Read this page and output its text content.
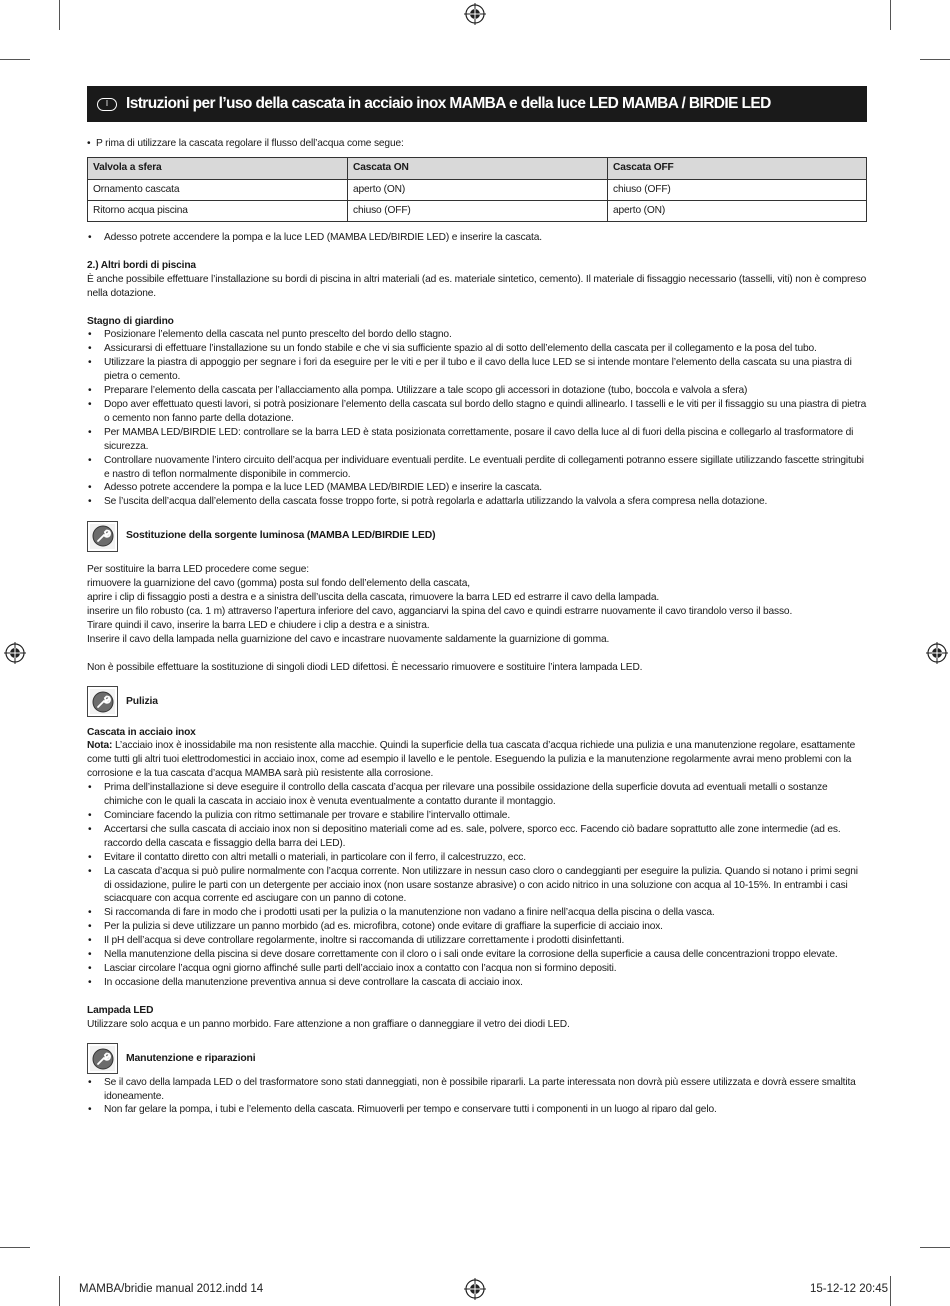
I	Istruzioni per l’uso della cascata in acciaio inox MAMBA e della luce LED MAMBA / BIRDIE LED
• P rima di utilizzare la cascata regolare il flusso dell’acqua come segue:
Valvola a sfera	Cascata ON	Cascata OFF
Ornamento cascata	aperto (ON)	chiuso (OFF)
Ritorno acqua piscina	chiuso (OFF)	aperto (ON)
• Adesso potrete accendere la pompa e la luce LED (MAMBA LED/BIRDIE LED) e inserire la cascata.

2.) Altri bordi di piscina

È anche possibile effettuare l’installazione su bordi di piscina in altri materiali (ad es. materiale sintetico, cemento). Il materiale di fissaggio necessario (tasselli, viti) non è compreso nella dotazione.

Stagno di giardino

• Posizionare l’elemento della cascata nel punto prescelto del bordo dello stagno.
• Assicurarsi di effettuare l’installazione su un fondo stabile e che vi sia sufficiente spazio al di sotto dell’elemento della cascata per il collegamento e la posa del tubo.
• Utilizzare la piastra di appoggio per segnare i fori da eseguire per le viti e per il tubo e il cavo della luce LED se si intende montare l’elemento della cascata su una piastra di pietra o cemento.
• Preparare l’elemento della cascata per l’allacciamento alla pompa. Utilizzare a tale scopo gli accessori in dotazione (tubo, boccola e valvola a sfera)
• Dopo aver effettuato questi lavori, si potrà posizionare l’elemento della cascata sul bordo dello stagno e quindi allinearlo. I tasselli e le viti per il fissaggio su una piastra di pietra o cemento non fanno parte della dotazione.
• Per MAMBA LED/BIRDIE LED: controllare se la barra LED è stata posizionata correttamente, posare il cavo della luce al di fuori della piscina e collegarlo al trasformatore di sicurezza.
• Controllare nuovamente l’intero circuito dell’acqua per individuare eventuali perdite. Le eventuali perdite di collegamenti potranno essere sigillate utilizzando fascette stringitubi e nastro di teflon normalmente disponibile in commercio.
• Adesso potrete accendere la pompa e la luce LED (MAMBA LED/BIRDIE LED) e inserire la cascata.
• Se l’uscita dell’acqua dall’elemento della cascata fosse troppo forte, si potrà regolarla e adattarla utilizzando la valvola a sfera compresa nella dotazione.
Sostituzione della sorgente luminosa (MAMBA LED/BIRDIE LED)

Per sostituire la barra LED procedere come segue:

rimuovere la guarnizione del cavo (gomma) posta sul fondo dell’elemento della cascata,

aprire i clip di fissaggio posti a destra e a sinistra dell’uscita della cascata, rimuovere la barra LED ed estrarre il cavo della lampada.

inserire un filo robusto (ca. 1 m) attraverso l’apertura inferiore del cavo, agganciarvi la spina del cavo e quindi estrarre nuovamente il cavo tirandolo verso il basso.

Tirare quindi il cavo, inserire la barra LED e chiudere i clip a destra e a sinistra.

Inserire il cavo della lampada nella guarnizione del cavo e incastrare nuovamente saldamente la guarnizione di gomma.

Non è possibile effettuare la sostituzione di singoli diodi LED difettosi. È necessario rimuovere e sostituire l’intera lampada LED.

Pulizia

Cascata in acciaio inox

Nota: L’acciaio inox è inossidabile ma non resistente alla macchie. Quindi la superficie della tua cascata d’acqua richiede una pulizia e una manutenzione regolare, esattamente come tutti gli altri tuoi elettrodomestici in acciaio inox, come ad esempio il lavello e le pentole. Eseguendo la pulizia e la manutenzione regolarmente avrai meno problemi con la corrosione e la tua cascata d’acqua MAMBA sarà più resistente alla corrosione.

• Prima dell’installazione si deve eseguire il controllo della cascata d’acqua per rilevare una possibile ossidazione della superficie dovuta ad eventuali metalli o sostanze chimiche con le quali la cascata in acciaio inox è venuta eventualmente a contatto durante il montaggio.
• Cominciare facendo la pulizia con ritmo settimanale per trovare e stabilire l’intervallo ottimale.
• Accertarsi che sulla cascata di acciaio inox non si depositino materiali come ad es. sale, polvere, sporco ecc. Facendo ciò badare soprattutto alle zone intermedie (ad es. raccordo della cascata e fissaggio della barra dei LED).
• Evitare il contatto diretto con altri metalli o materiali, in particolare con il ferro, il calcestruzzo, ecc.
• La cascata d’acqua si può pulire normalmente con l’acqua corrente. Non utilizzare in nessun caso cloro o candeggianti per eseguire la pulizia. Quando si notano i primi segni di ossidazione, pulire le parti con un detergente per acciaio inox (non usare sostanze abrasive) o con acido nitrico in una soluzione con acqua al 10-15%. In entrambi i casi sciacquare con acqua corrente ed asciugare con un panno di cotone.
• Si raccomanda di fare in modo che i prodotti usati per la pulizia o la manutenzione non vadano a finire nell’acqua della piscina o della vasca.
• Per la pulizia si deve utilizzare un panno morbido (ad es. microfibra, cotone) onde evitare di graffiare la superficie di acciaio inox.
• Il pH dell’acqua si deve controllare regolarmente, inoltre si raccomanda di utilizzare correttamente i prodotti disinfettanti.
• Nella manutenzione della piscina si deve dosare correttamente con il cloro o i sali onde evitare la corrosione della superficie a causa delle concentrazioni troppo elevate.
• Lasciar circolare l’acqua ogni giorno affinché sulle parti dell’acciaio inox a contatto con l’acqua non si formino depositi.
• In occasione della manutenzione preventiva annua si deve controllare la cascata di acciaio inox.

Lampada LED

Utilizzare solo acqua e un panno morbido. Fare attenzione a non graffiare o danneggiare il vetro dei diodi LED.

Manutenzione e riparazioni
• Se il cavo della lampada LED o del trasformatore sono stati danneggiati, non è possibile ripararli. La parte interessata non dovrà più essere utilizzata e dovrà essere smaltita idoneamente.
• Non far gelare la pompa, i tubi e l’elemento della cascata. Rimuoverli per tempo e conservare tutti i componenti in un luogo al riparo dal gelo.
MAMBA/bridie manual 2012.indd 14	15-12-12 20:45
